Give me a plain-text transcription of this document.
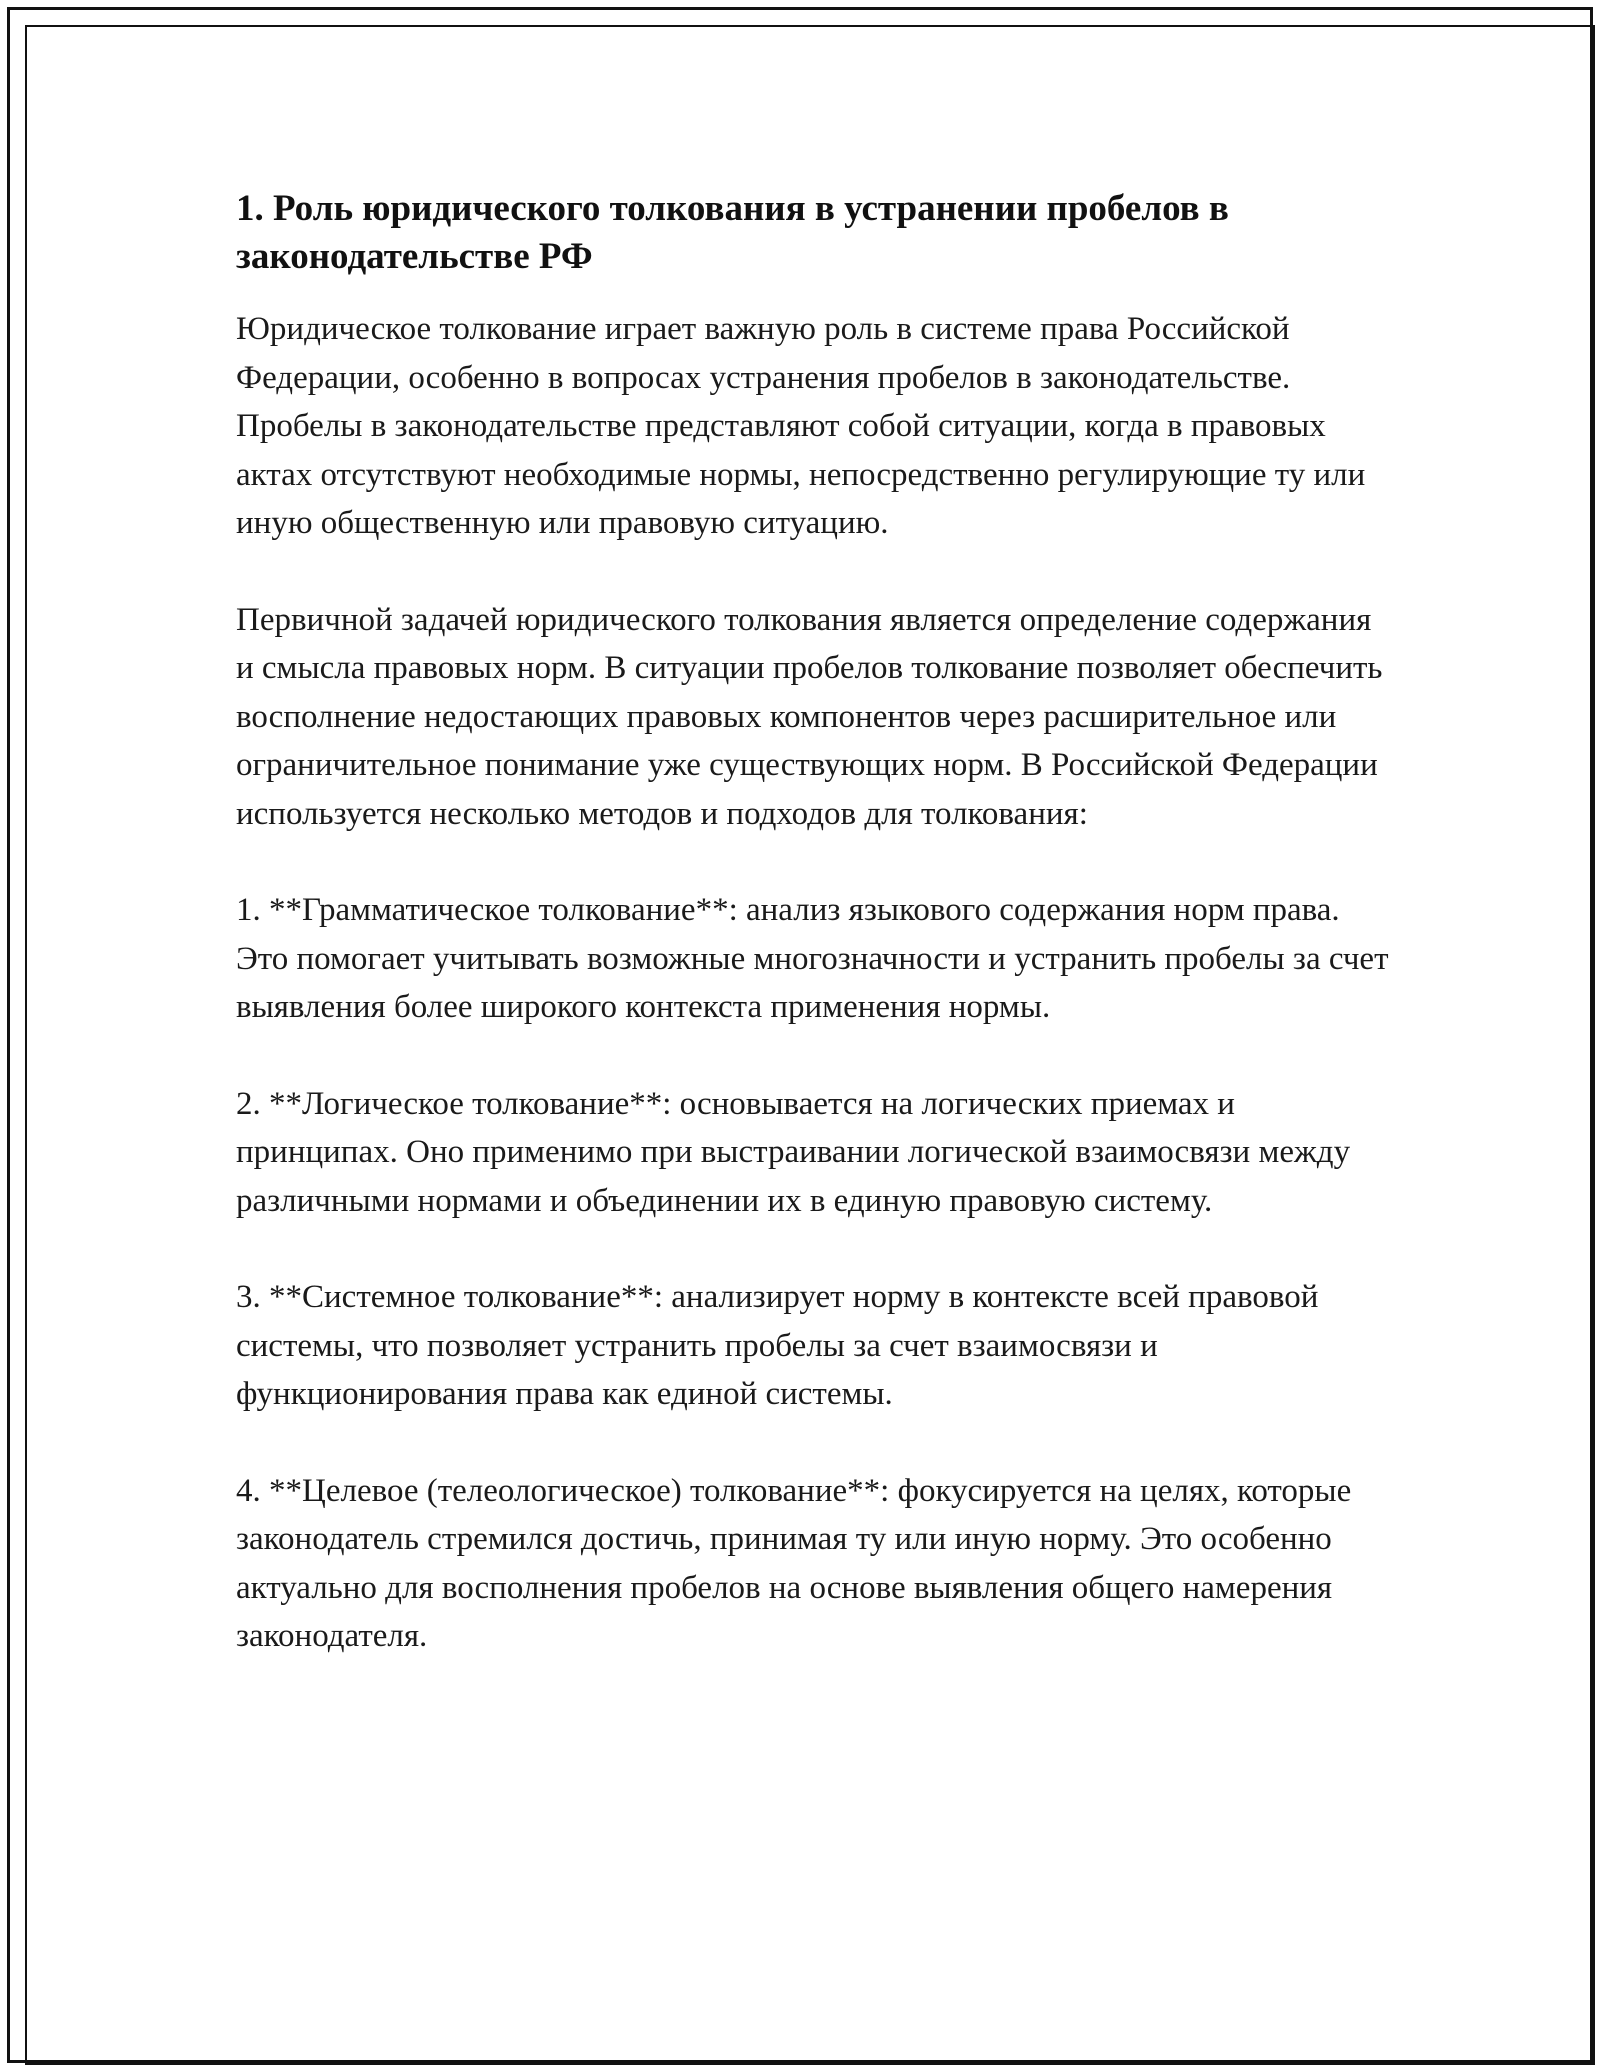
1. Роль юридического толкования в устранении пробелов в законодательстве РФ

Юридическое толкование играет важную роль в системе права Российской Федерации, особенно в вопросах устранения пробелов в законодательстве. Пробелы в законодательстве представляют собой ситуации, когда в правовых актах отсутствуют необходимые нормы, непосредственно регулирующие ту или иную общественную или правовую ситуацию.

Первичной задачей юридического толкования является определение содержания и смысла правовых норм. В ситуации пробелов толкование позволяет обеспечить восполнение недостающих правовых компонентов через расширительное или ограничительное понимание уже существующих норм. В Российской Федерации используется несколько методов и подходов для толкования:

1. **Грамматическое толкование**: анализ языкового содержания норм права. Это помогает учитывать возможные многозначности и устранить пробелы за счет выявления более широкого контекста применения нормы.

2. **Логическое толкование**: основывается на логических приемах и принципах. Оно применимо при выстраивании логической взаимосвязи между различными нормами и объединении их в единую правовую систему.

3. **Системное толкование**: анализирует норму в контексте всей правовой системы, что позволяет устранить пробелы за счет взаимосвязи и функционирования права как единой системы.

4. **Целевое (телеологическое) толкование**: фокусируется на целях, которые законодатель стремился достичь, принимая ту или иную норму. Это особенно актуально для восполнения пробелов на основе выявления общего намерения законодателя.
